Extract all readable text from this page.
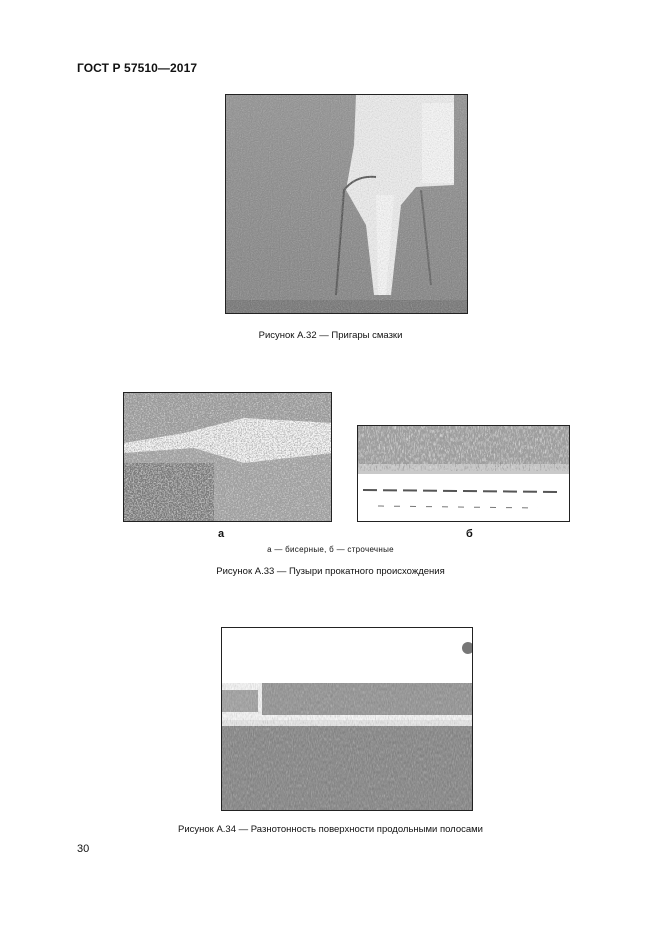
ГОСТ Р 57510—2017
Рисунок А.32 — Пригары смазки
а	б
а — бисерные, б — строчечные
Рисунок А.33 — Пузыри прокатного происхождения
Рисунок А.34 — Разнотонность поверхности продольными полосами
30
